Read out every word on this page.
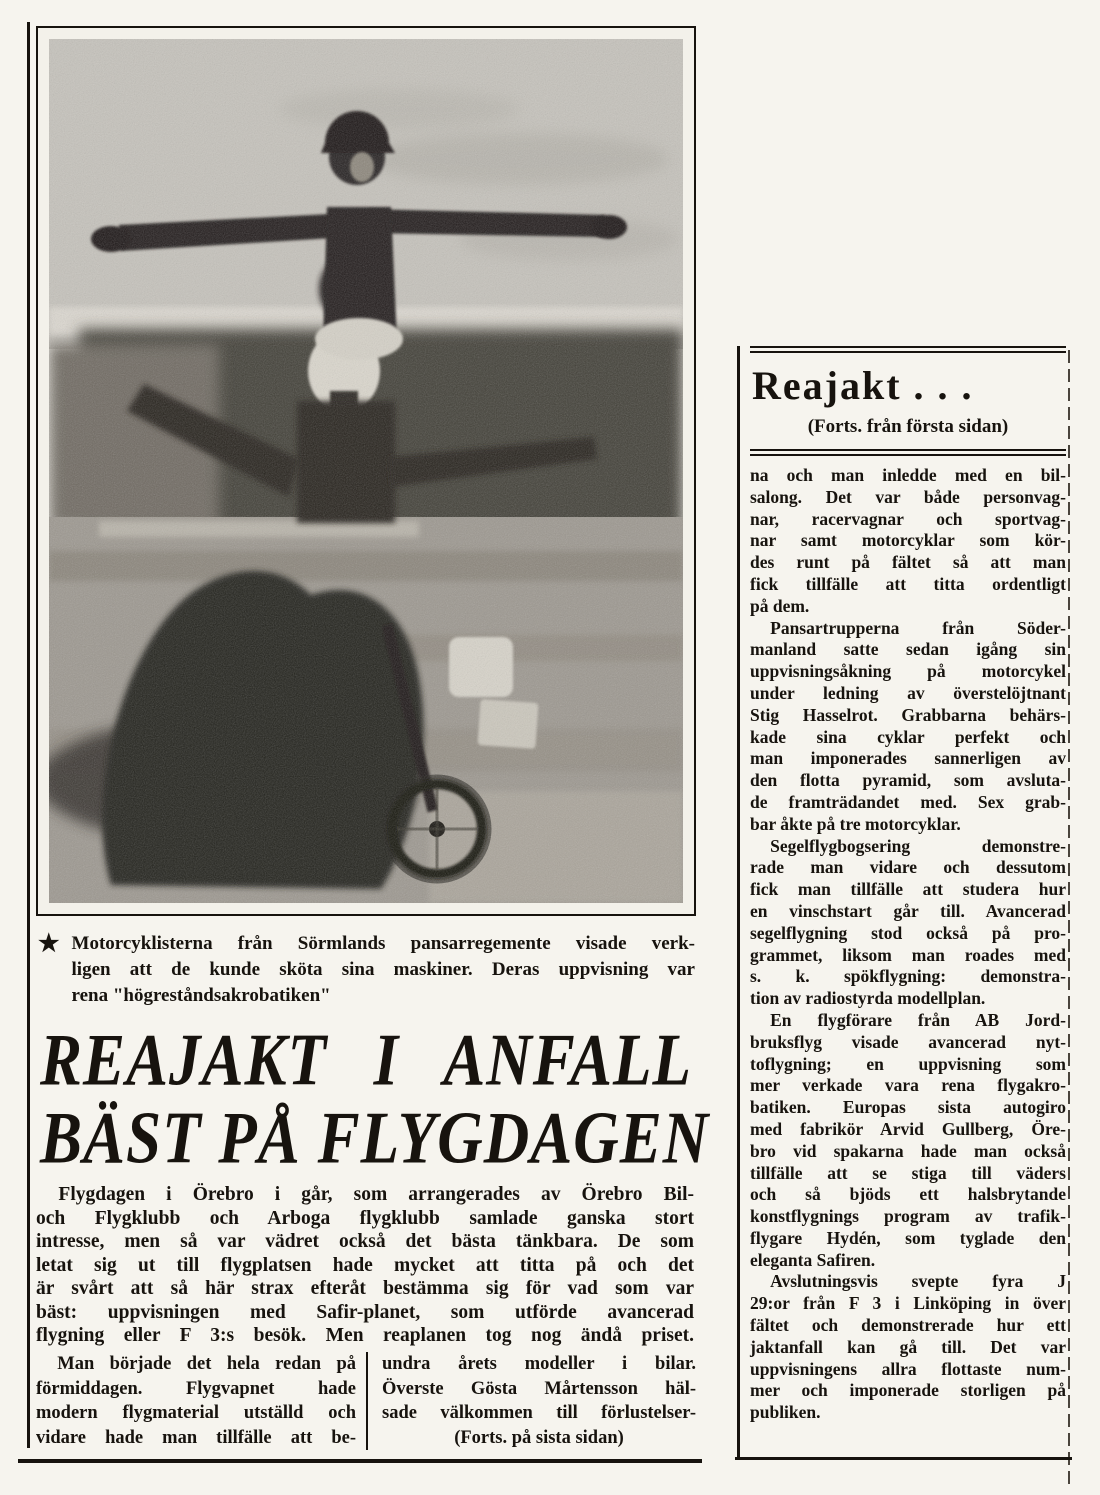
★ Motorcyklisterna från Sörmlands pansarregemente visade verk-
ligen att de kunde sköta sina maskiner. Deras uppvisning var
rena "högreståndsakrobatiken"
REAJAKT I ANFALL
BÄST PÅ FLYGDAGEN
Flygdagen i Örebro i går, som arrangerades av Örebro Bil-
och Flygklubb och Arboga flygklubb samlade ganska stort
intresse, men så var vädret också det bästa tänkbara. De som
letat sig ut till flygplatsen hade mycket att titta på och det
är svårt att så här strax efteråt bestämma sig för vad som var
bäst: uppvisningen med Safir-planet, som utförde avancerad
flygning eller F 3:s besök. Men reaplanen tog nog ändå priset.
Man började det hela redan på
förmiddagen. Flygvapnet hade
modern flygmaterial utställd och
vidare hade man tillfälle att be-
undra årets modeller i bilar.
Överste Gösta Mårtensson häl-
sade välkommen till förlustelser-
(Forts. på sista sidan)
Reajakt . . .
(Forts. från första sidan)
na och man inledde med en bil-
salong. Det var både personvag-
nar, racervagnar och sportvag-
nar samt motorcyklar som kör-
des runt på fältet så att man
fick tillfälle att titta ordentligt
på dem.
Pansartrupperna från Söder-
manland satte sedan igång sin
uppvisningsåkning på motorcykel
under ledning av överstelöjtnant
Stig Hasselrot. Grabbarna behärs-
kade sina cyklar perfekt och
man imponerades sannerligen av
den flotta pyramid, som avsluta-
de framträdandet med. Sex grab-
bar åkte på tre motorcyklar.
Segelflygbogsering demonstre-
rade man vidare och dessutom
fick man tillfälle att studera hur
en vinschstart går till. Avancerad
segelflygning stod också på pro-
grammet, liksom man roades med
s. k. spökflygning: demonstra-
tion av radiostyrda modellplan.
En flygförare från AB Jord-
bruksflyg visade avancerad nyt-
toflygning; en uppvisning som
mer verkade vara rena flygakro-
batiken. Europas sista autogiro
med fabrikör Arvid Gullberg, Öre-
bro vid spakarna hade man också
tillfälle att se stiga till väders
och så bjöds ett halsbrytande
konstflygnings program av trafik-
flygare Hydén, som tyglade den
eleganta Safiren.
Avslutningsvis svepte fyra J
29:or från F 3 i Linköping in över
fältet och demonstrerade hur ett
jaktanfall kan gå till. Det var
uppvisningens allra flottaste num-
mer och imponerade storligen på
publiken.
